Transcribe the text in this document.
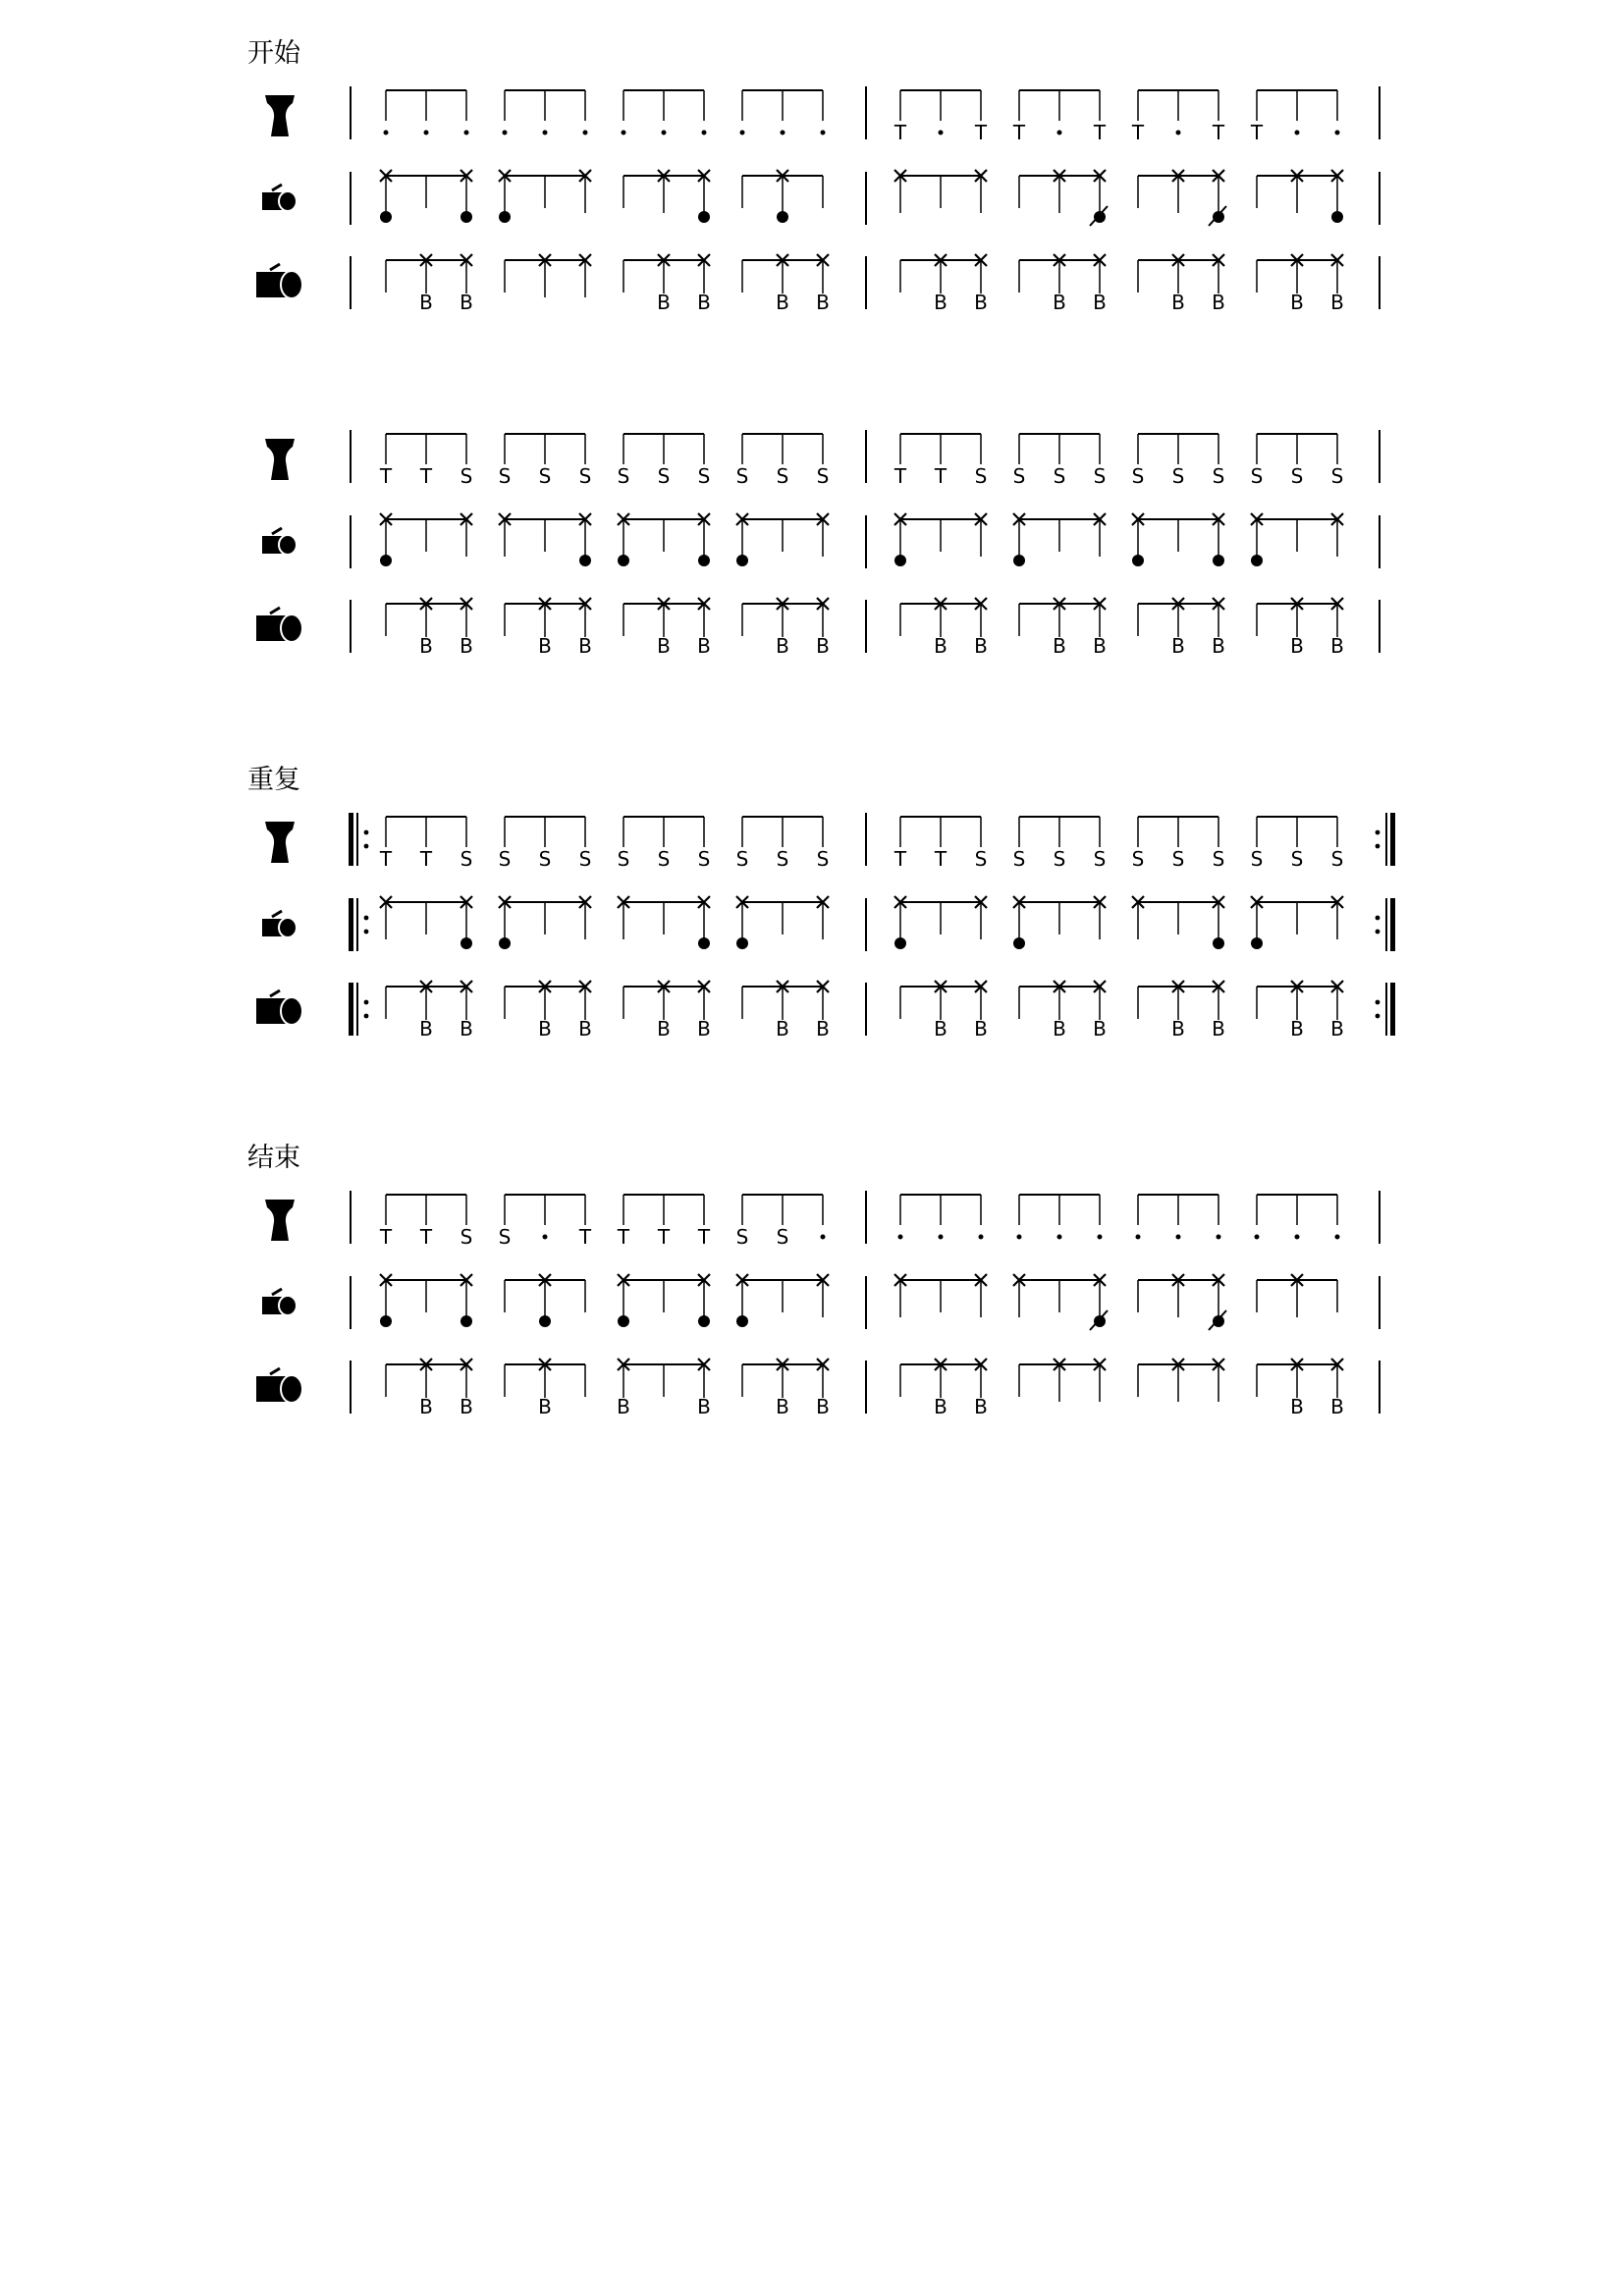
开始
重复
结束
T	T T	T T	T T
B B	B B	B B	B B	B B	B B	B B
T T S S S S S S S S S S	T T S S S S S S S S S S
B B	B B	B B	B B	B B	B B	B B	B B
T T S S S S S S S S S S	T T S S S S S S S S S S
B B	B B	B B	B B	B B	B B	B B	B B
T T S S	T T T T S S
B B	B	B	B	B B	B B	B B
